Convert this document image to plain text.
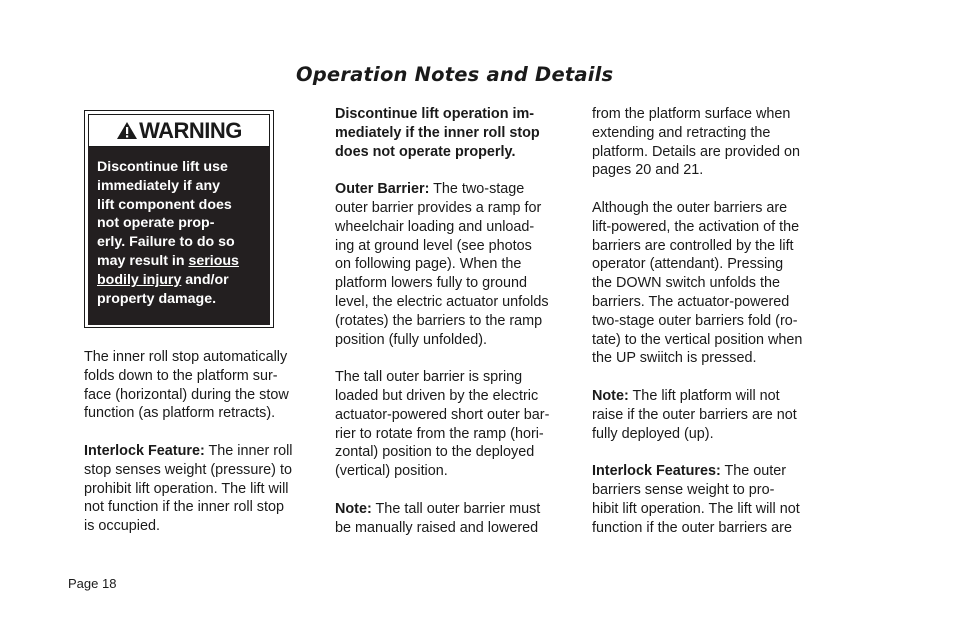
Operation Notes and Details
WARNING
Discontinue lift use
immediately if any
lift component does
not operate prop-
erly. Failure to do so
may result in serious
bodily injury and/or
property damage.

The inner roll stop automatically
folds down to the platform sur-
face (horizontal) during the stow
function (as platform retracts).

Interlock Feature: The inner roll
stop senses weight (pressure) to
prohibit lift operation. The lift will
not function if the inner roll stop
is occupied.

Discontinue lift operation im-
mediately if the inner roll stop
does not operate properly.

Outer Barrier: The two-stage
outer barrier provides a ramp for
wheelchair loading and unload-
ing at ground level (see photos
on following page). When the
platform lowers fully to ground
level, the electric actuator unfolds
(rotates) the barriers to the ramp
position (fully unfolded).

The tall outer barrier is spring
loaded but driven by the electric
actuator-powered short outer bar-
rier to rotate from the ramp (hori-
zontal) position to the deployed
(vertical) position.

Note: The tall outer barrier must
be manually raised and lowered

from the platform surface when
extending and retracting the
platform. Details are provided on
pages 20 and 21.

Although the outer barriers are
lift-powered, the activation of the
barriers are controlled by the lift
operator (attendant). Pressing
the DOWN switch unfolds the
barriers. The actuator-powered
two-stage outer barriers fold (ro-
tate) to the vertical position when
the UP swiitch is pressed.

Note: The lift platform will not
raise if the outer barriers are not
fully deployed (up).

Interlock Features: The outer
barriers sense weight to pro-
hibit lift operation. The lift will not
function if the outer barriers are

Page 18
